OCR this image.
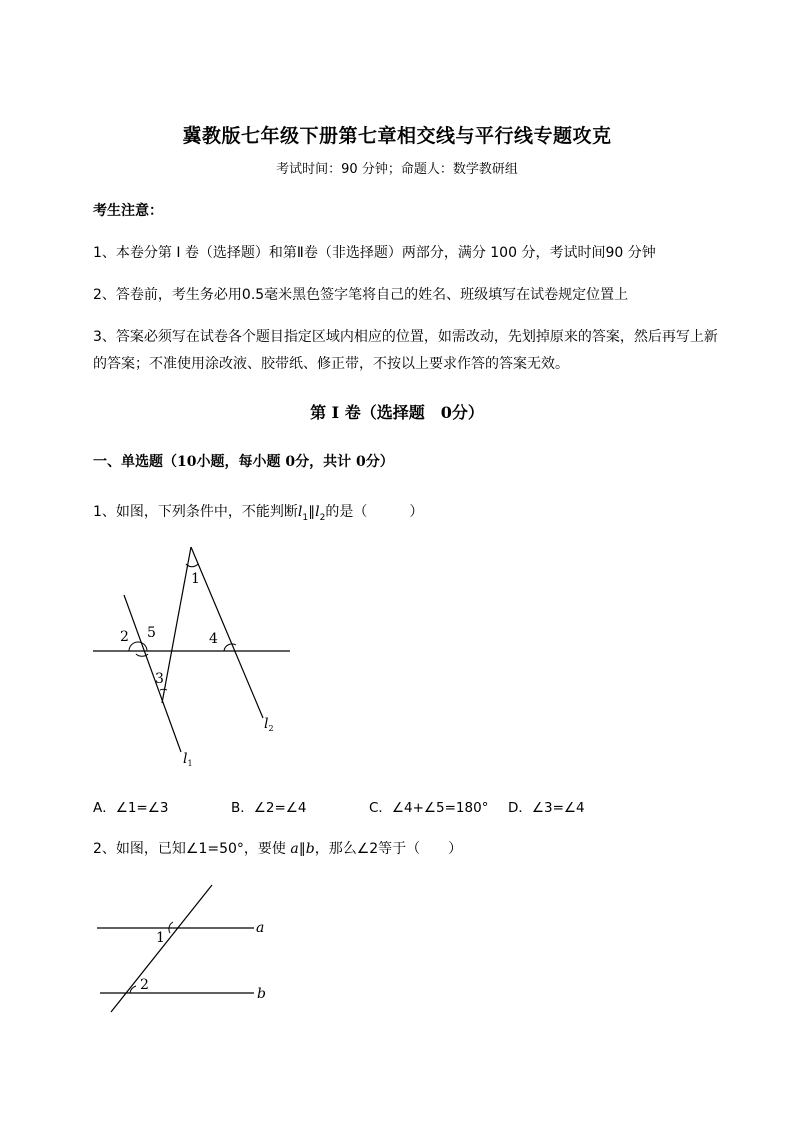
冀教版七年级下册第七章相交线与平行线专题攻克
考试时间：90 分钟；命题人：数学教研组
考生注意：
1、本卷分第 I 卷（选择题）和第Ⅱ卷（非选择题）两部分，满分 100 分，考试时间90 分钟
2、答卷前，考生务必用0.5毫米黑色签字笔将自己的姓名、班级填写在试卷规定位置上
3、答案必须写在试卷各个题目指定区域内相应的位置，如需改动，先划掉原来的答案，然后再写上新
的答案；不准使用涂改液、胶带纸、修正带，不按以上要求作答的答案无效。
第 I 卷（选择题　0分）
一、单选题（10小题，每小题 0分，共计 0分）
1、如图，下列条件中，不能判断$l_1\parallel l_2$的是（　　　）
1
2 5
3
4
$l_2$
$l_1$
A．∠1=∠3	B．∠2=∠4	C．∠4+∠5=180° D．∠3=∠4
2、如图，已知∠1=50°，要使 a∥b，那么∠2等于（　　）
1
2
a
b
